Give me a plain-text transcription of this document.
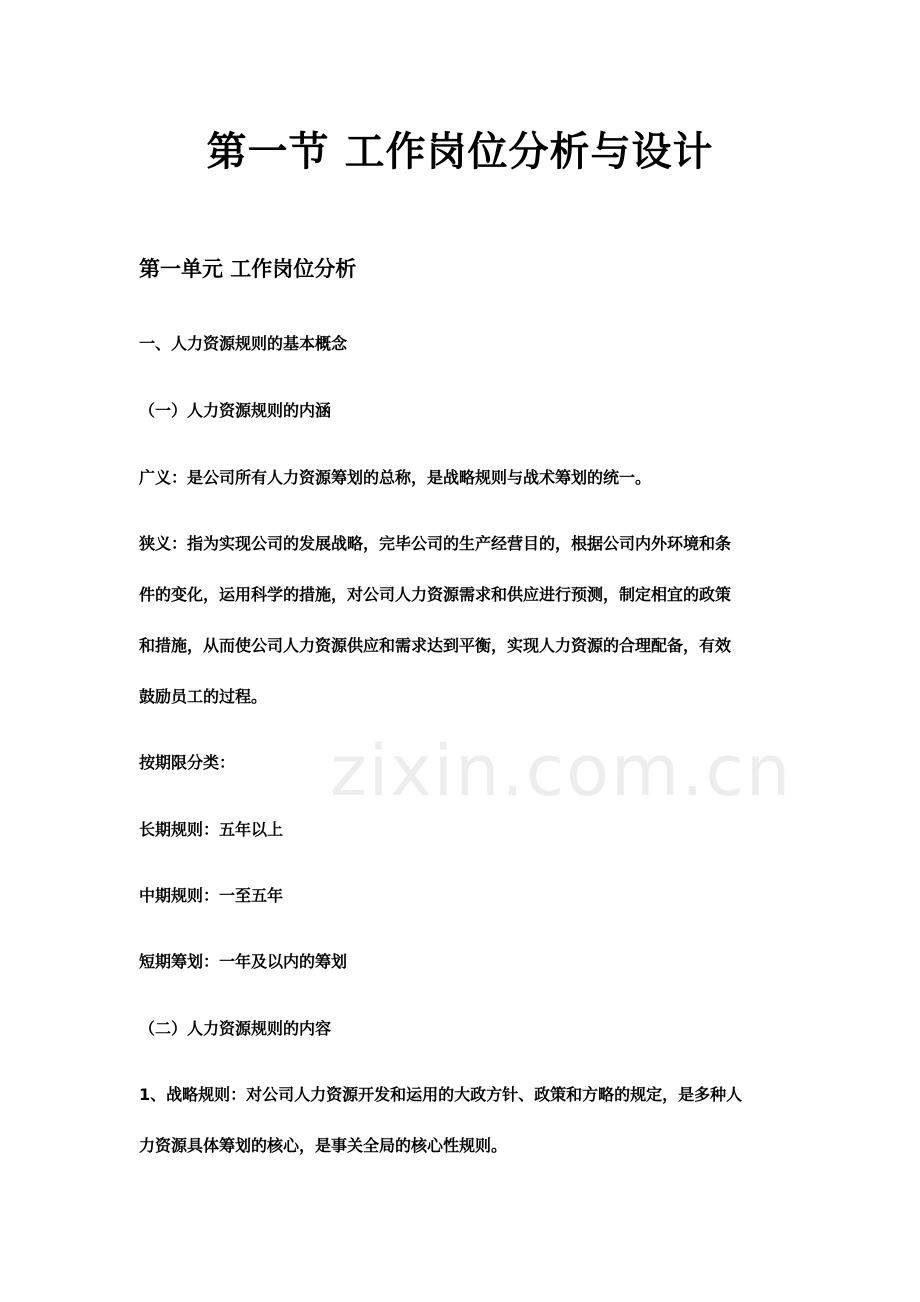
zixin.com.cn
第一节 工作岗位分析与设计
第一单元 工作岗位分析
一、人力资源规则的基本概念
（一）人力资源规则的内涵
广义：是公司所有人力资源筹划的总称，是战略规则与战术筹划的统一。
狭义：指为实现公司的发展战略，完毕公司的生产经营目的，根据公司内外环境和条
件的变化，运用科学的措施，对公司人力资源需求和供应进行预测，制定相宜的政策
和措施，从而使公司人力资源供应和需求达到平衡，实现人力资源的合理配备，有效
鼓励员工的过程。
按期限分类：
长期规则：五年以上
中期规则：一至五年
短期筹划：一年及以内的筹划
（二）人力资源规则的内容
1、战略规则：对公司人力资源开发和运用的大政方针、政策和方略的规定，是多种人
力资源具体筹划的核心，是事关全局的核心性规则。
